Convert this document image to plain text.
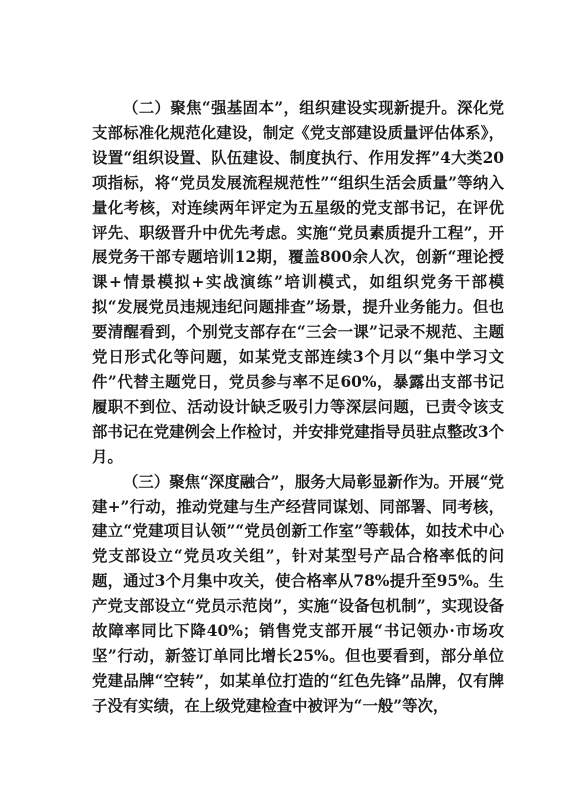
（二）聚焦“强基固本”，组织建设实现新提升。深化党支部标准化规范化建设，制定《党支部建设质量评估体系》，设置“组织设置、队伍建设、制度执行、作用发挥”4大类20项指标，将“党员发展流程规范性”“组织生活会质量”等纳入量化考核，对连续两年评定为五星级的党支部书记，在评优评先、职级晋升中优先考虑。实施“党员素质提升工程”，开展党务干部专题培训12期，覆盖800余人次，创新“理论授课+情景模拟+实战演练”培训模式，如组织党务干部模拟“发展党员违规违纪问题排查”场景，提升业务能力。但也要清醒看到，个别党支部存在“三会一课”记录不规范、主题党日形式化等问题，如某党支部连续3个月以“集中学习文件”代替主题党日，党员参与率不足60%，暴露出支部书记履职不到位、活动设计缺乏吸引力等深层问题，已责令该支部书记在党建例会上作检讨，并安排党建指导员驻点整改3个月。

（三）聚焦“深度融合”，服务大局彰显新作为。开展“党建+”行动，推动党建与生产经营同谋划、同部署、同考核，建立“党建项目认领”“党员创新工作室”等载体，如技术中心党支部设立“党员攻关组”，针对某型号产品合格率低的问题，通过3个月集中攻关，使合格率从78%提升至95%。生产党支部设立“党员示范岗”，实施“设备包机制”，实现设备故障率同比下降40%；销售党支部开展“书记领办·市场攻坚”行动，新签订单同比增长25%。但也要看到，部分单位党建品牌“空转”，如某单位打造的“红色先锋”品牌，仅有牌子没有实绩，在上级党建检查中被评为“一般”等次，
